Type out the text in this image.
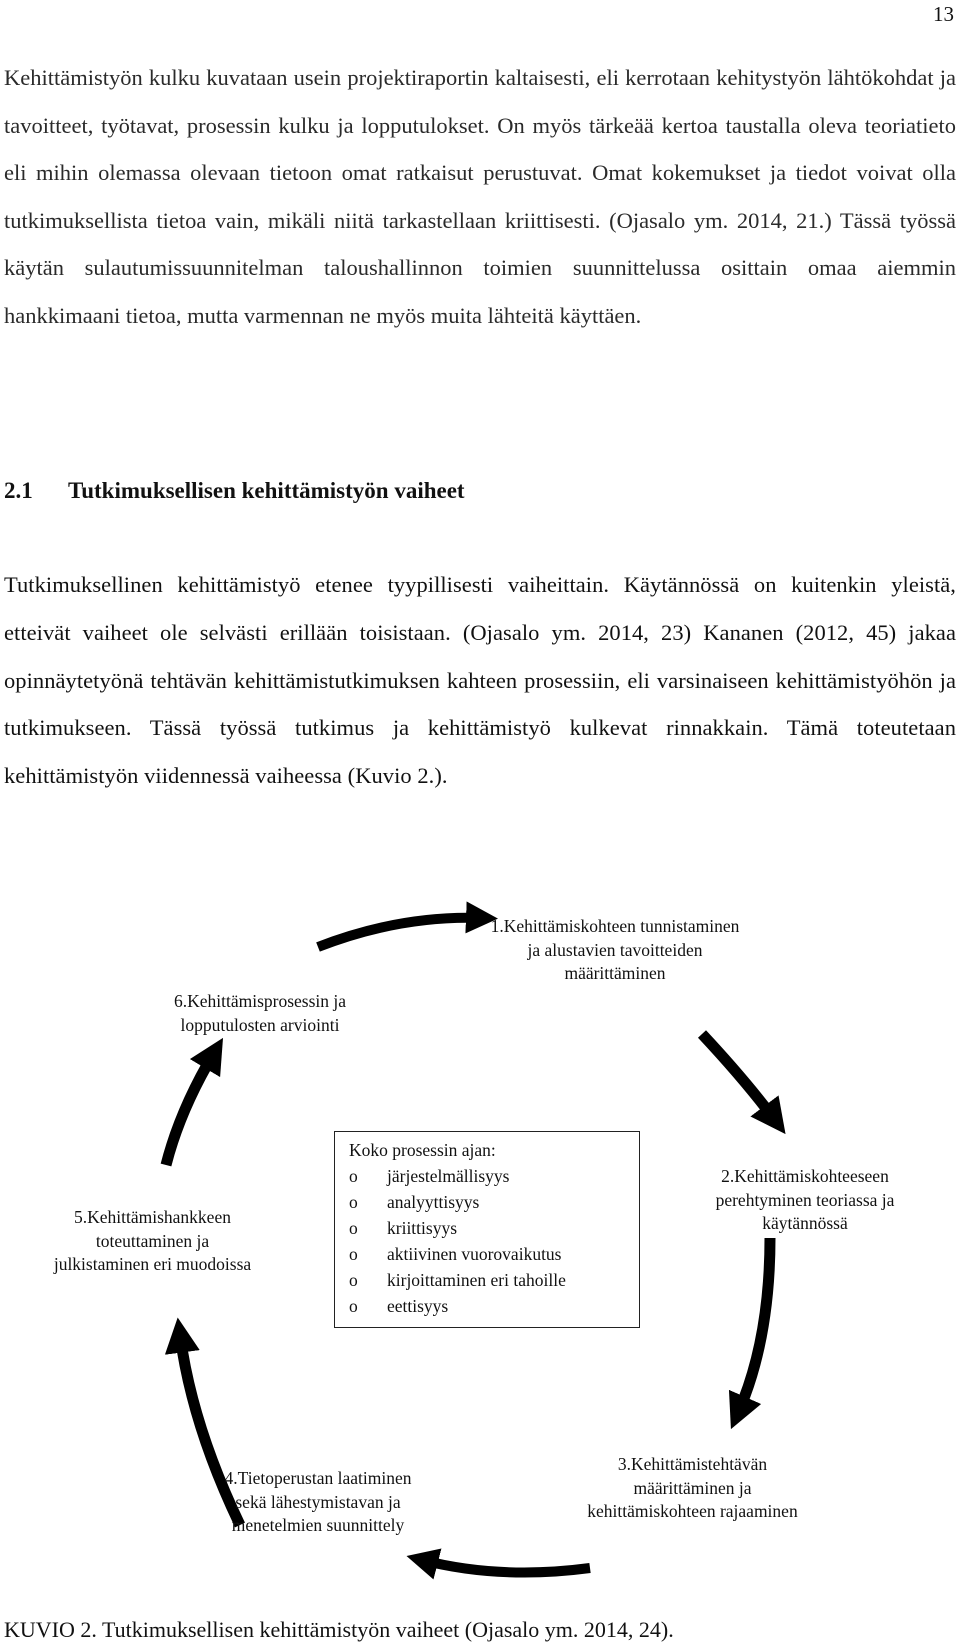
13

Kehittämistyön kulku kuvataan usein projektiraportin kaltaisesti, eli kerrotaan kehitystyön lähtökohdat ja tavoitteet, työtavat, prosessin kulku ja lopputulokset. On myös tärkeää kertoa taustalla oleva teoriatieto eli mihin olemassa olevaan tietoon omat ratkaisut perustuvat. Omat kokemukset ja tiedot voivat olla tutkimuksellista tietoa vain, mikäli niitä tarkastellaan kriittisesti. (Ojasalo ym. 2014, 21.) Tässä työssä käytän sulautumissuunnitelman taloushallinnon toimien suunnittelussa osittain omaa aiemmin hankkimaani tietoa, mutta varmennan ne myös muita lähteitä käyttäen.

2.1 Tutkimuksellisen kehittämistyön vaiheet

Tutkimuksellinen kehittämistyö etenee tyypillisesti vaiheittain. Käytännössä on kuitenkin yleistä, etteivät vaiheet ole selvästi erillään toisistaan. (Ojasalo ym. 2014, 23) Kananen (2012, 45) jakaa opinnäytetyönä tehtävän kehittämistutkimuksen kahteen prosessiin, eli varsinaiseen kehittämistyöhön ja tutkimukseen. Tässä työssä tutkimus ja kehittämistyö kulkevat rinnakkain. Tämä toteutetaan kehittämistyön viidennessä vaiheessa (Kuvio 2.).

1.Kehittämiskohteen tunnistaminen ja alustavien tavoitteiden määrittäminen
2.Kehittämiskohteeseen perehtyminen teoriassa ja käytännössä
3.Kehittämistehtävän määrittäminen ja kehittämiskohteen rajaaminen
4.Tietoperustan laatiminen sekä lähestymistavan ja menetelmien suunnittely
5.Kehittämishankkeen toteuttaminen ja julkistaminen eri muodoissa
6.Kehittämisprosessin ja lopputulosten arviointi
Koko prosessin ajan:
o	järjestelmällisyys
o	analyyttisyys
o	kriittisyys
o	aktiivinen vuorovaikutus
o	kirjoittaminen eri tahoille
o	eettisyys

KUVIO 2. Tutkimuksellisen kehittämistyön vaiheet (Ojasalo ym. 2014, 24).
